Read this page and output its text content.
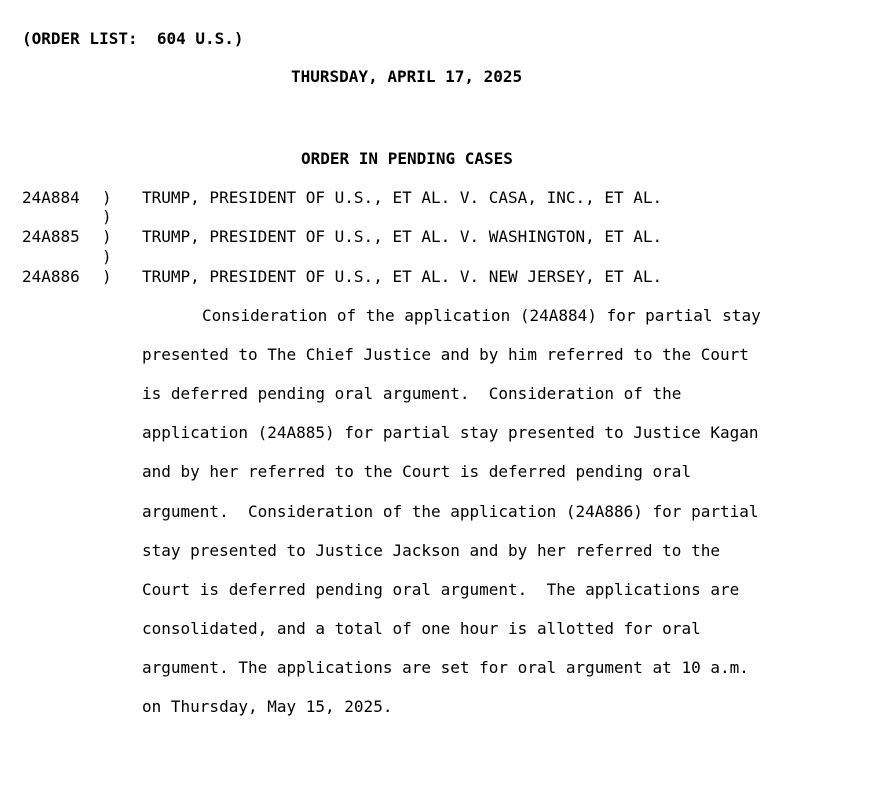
(ORDER LIST:  604 U.S.)
THURSDAY, APRIL 17, 2025
ORDER IN PENDING CASES
24A884 ) TRUMP, PRESIDENT OF U.S., ET AL. V. CASA, INC., ET AL.
)
24A885 ) TRUMP, PRESIDENT OF U.S., ET AL. V. WASHINGTON, ET AL.
)
24A886 ) TRUMP, PRESIDENT OF U.S., ET AL. V. NEW JERSEY, ET AL.
Consideration of the application (24A884) for partial stay
presented to The Chief Justice and by him referred to the Court
is deferred pending oral argument.  Consideration of the
application (24A885) for partial stay presented to Justice Kagan
and by her referred to the Court is deferred pending oral
argument.  Consideration of the application (24A886) for partial
stay presented to Justice Jackson and by her referred to the
Court is deferred pending oral argument.  The applications are
consolidated, and a total of one hour is allotted for oral
argument. The applications are set for oral argument at 10 a.m.
on Thursday, May 15, 2025.
